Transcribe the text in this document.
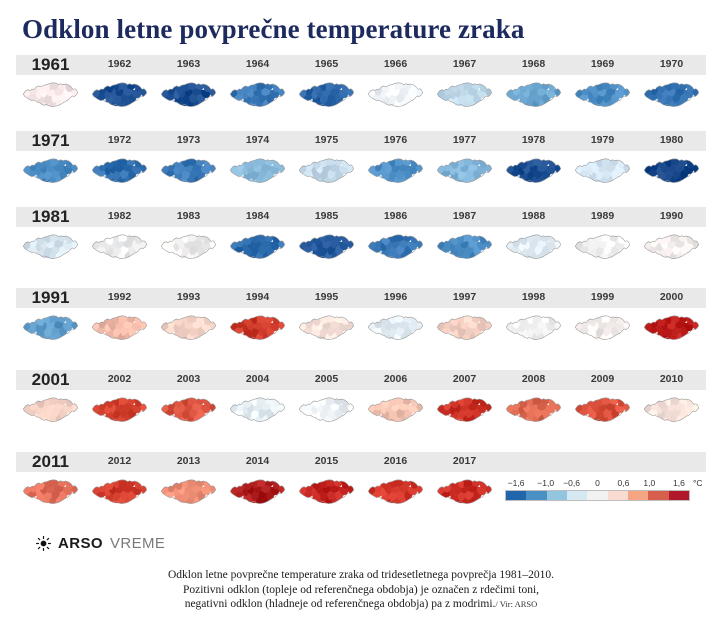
Odklon letne povprečne temperature zraka
1961	1962	1963	1964	1965	1966	1967	1968	1969	1970
1971	1972	1973	1974	1975	1976	1977	1978	1979	1980
1981	1982	1983	1984	1985	1986	1987	1988	1989	1990
1991	1992	1993	1994	1995	1996	1997	1998	1999	2000
2001	2002	2003	2004	2005	2006	2007	2008	2009	2010
2011	2012	2013	2014	2015	2016	2017
−1,6 −1,0 −0,6 0 0,6 1,0 1,6 °C
ARSO VREME
Odklon letne povprečne temperature zraka od tridesetletnega povprečja 1981–2010.
Pozitivni odklon (topleje od referenčnega obdobja) je označen z rdečimi toni,
negativni odklon (hladneje od referenčnega obdobja) pa z modrimi./ Vir: ARSO
